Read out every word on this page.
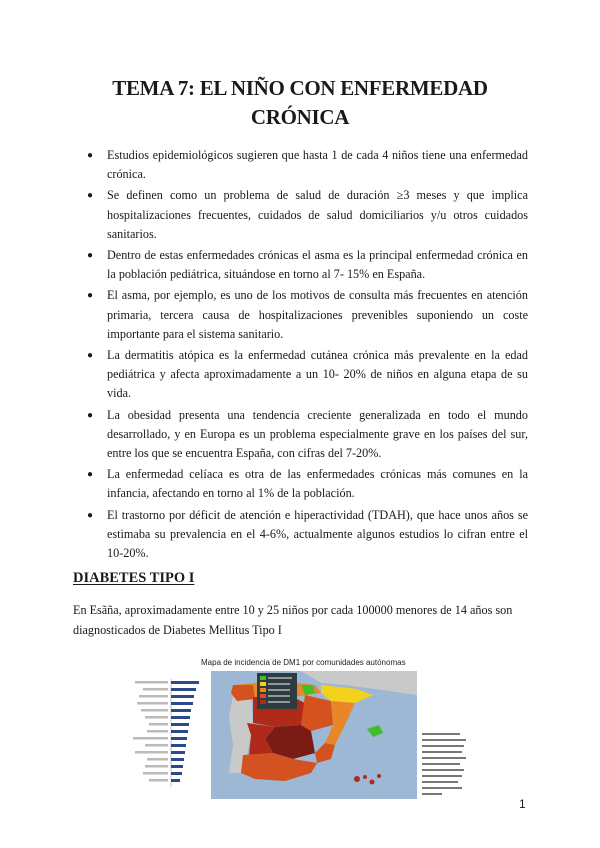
TEMA 7: EL NIÑO CON ENFERMEDAD
CRÓNICA
● Estudios epidemiológicos sugieren que hasta 1 de cada 4 niños tiene una enfermedad crónica.
● Se definen como un problema de salud de duración ≥3 meses y que implica hospitalizaciones frecuentes, cuidados de salud domiciliarios y/u otros cuidados sanitarios.
● Dentro de estas enfermedades crónicas el asma es la principal enfermedad crónica en la población pediátrica, situándose en torno al 7- 15% en España.
● El asma, por ejemplo, es uno de los motivos de consulta más frecuentes en atención primaria, tercera causa de hospitalizaciones prevenibles suponiendo un coste importante para el sistema sanitario.
● La dermatitis atópica es la enfermedad cutánea crónica más prevalente en la edad pediátrica y afecta aproximadamente a un 10- 20% de niños en alguna etapa de su vida.
● La obesidad presenta una tendencia creciente generalizada en todo el mundo desarrollado, y en Europa es un problema especialmente grave en los países del sur, entre los que se encuentra España, con cifras del 7-20%.
● La enfermedad celíaca es otra de las enfermedades crónicas más comunes en la infancia, afectando en torno al 1% de la población.
● El trastorno por déficit de atención e hiperactividad (TDAH), que hace unos años se estimaba su prevalencia en el 4-6%, actualmente algunos estudios lo cifran entre el 10-20%.
DIABETES TIPO I

En Esãña, aproximadamente entre 10 y 25 niños por cada 100000 menores de 14 años son diagnosticados de Diabetes Mellitus Tipo I

Mapa de incidencia de DM1 por comunidades autónomas

1
